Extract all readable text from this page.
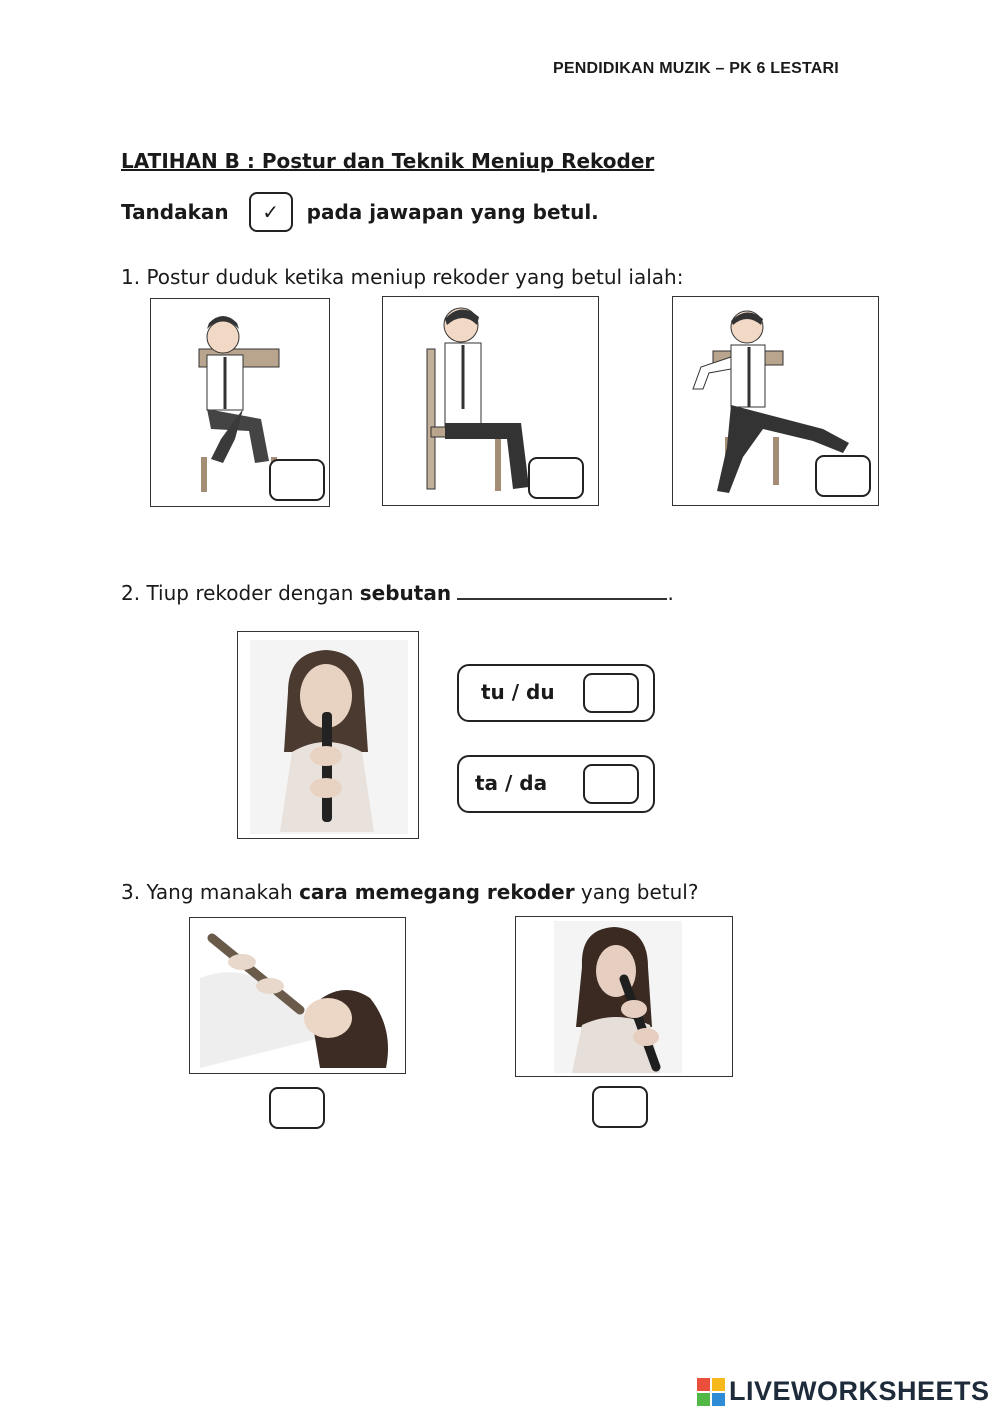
PENDIDIKAN MUZIK – PK 6 LESTARI
LATIHAN B : Postur dan Teknik Meniup Rekoder
Tandakan ✓ pada jawapan yang betul.
1. Postur duduk ketika meniup rekoder yang betul ialah:
2. Tiup rekoder dengan sebutan	.
tu / du
ta / da
3. Yang manakah cara memegang rekoder yang betul?
LIVEWORKSHEETS
